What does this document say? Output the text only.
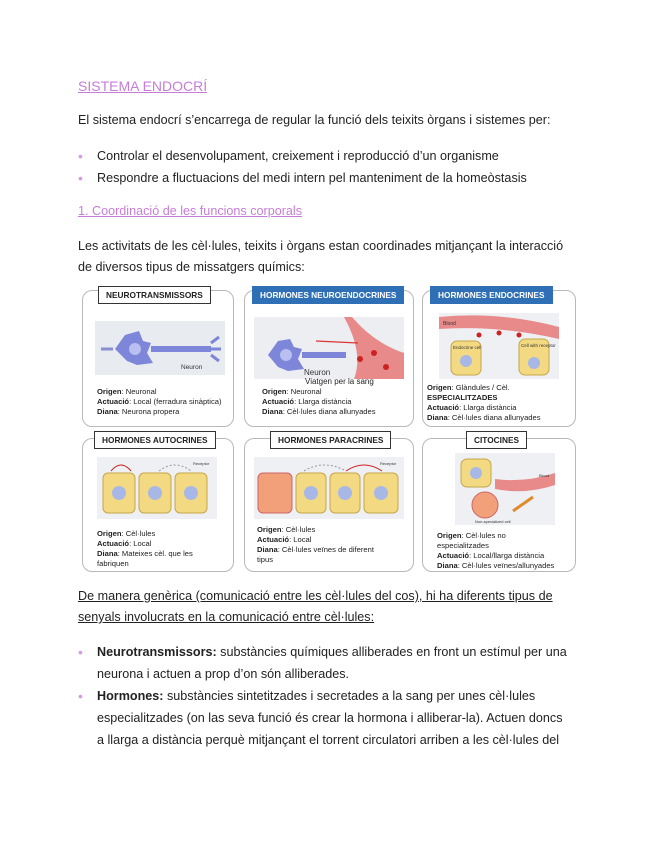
SISTEMA ENDOCRÍ
El sistema endocrí s’encarrega de regular la funció dels teixits òrgans i sistemes per:
• Controlar el desenvolupament, creixement i reproducció d’un organisme
• Respondre a fluctuacions del medi intern pel manteniment de la homeòstasis
1. Coordinació de les funcions corporals
Les activitats de les cèl·lules, teixits i òrgans estan coordinades mitjançant la interacció
de diversos tipus de missatgers químics:
Neuron
Origen: Neuronal
Actuació: Local (ferradura sinàptica)
Diana: Neurona propera
NEUROTRANSMISSORS
Neuron
Viatgen per la sang
Origen: Neuronal
Actuació: Llarga distància
Diana: Cèl·lules diana allunyades
HORMONES NEUROENDOCRINES
Blood
Endocrine cell	Cell with receptor
Origen: Glàndules / Cèl.
ESPECIALITZADES
Actuació: Llarga distància
Diana: Cèl·lules diana allunyades
HORMONES ENDOCRINES
Receptor
Origen: Cèl·lules
Actuació: Local
Diana: Mateixes cèl. que les
fabriquen
HORMONES AUTOCRINES
Receptor
Origen: Cèl·lules
Actuació: Local
Diana: Cèl·lules veïnes de diferent
tipus
HORMONES PARACRINES
Blood
Non-specialized cell
Origen: Cèl·lules no
especialitzades
Actuació: Local/llarga distància
Diana: Cèl·lules veïnes/allunyades
CITOCINES
De manera genèrica (comunicació entre les cèl·lules del cos), hi ha diferents tipus de
senyals involucrats en la comunicació entre cèl·lules:
• Neurotransmissors: substàncies químiques alliberades en front un estímul per una
neurona i actuen a prop d’on són alliberades.
• Hormones: substàncies sintetitzades i secretades a la sang per unes cèl·lules
especialitzades (on las seva funció és crear la hormona i alliberar-la). Actuen doncs
a llarga a distància perquè mitjançant el torrent circulatori arriben a les cèl·lules del
